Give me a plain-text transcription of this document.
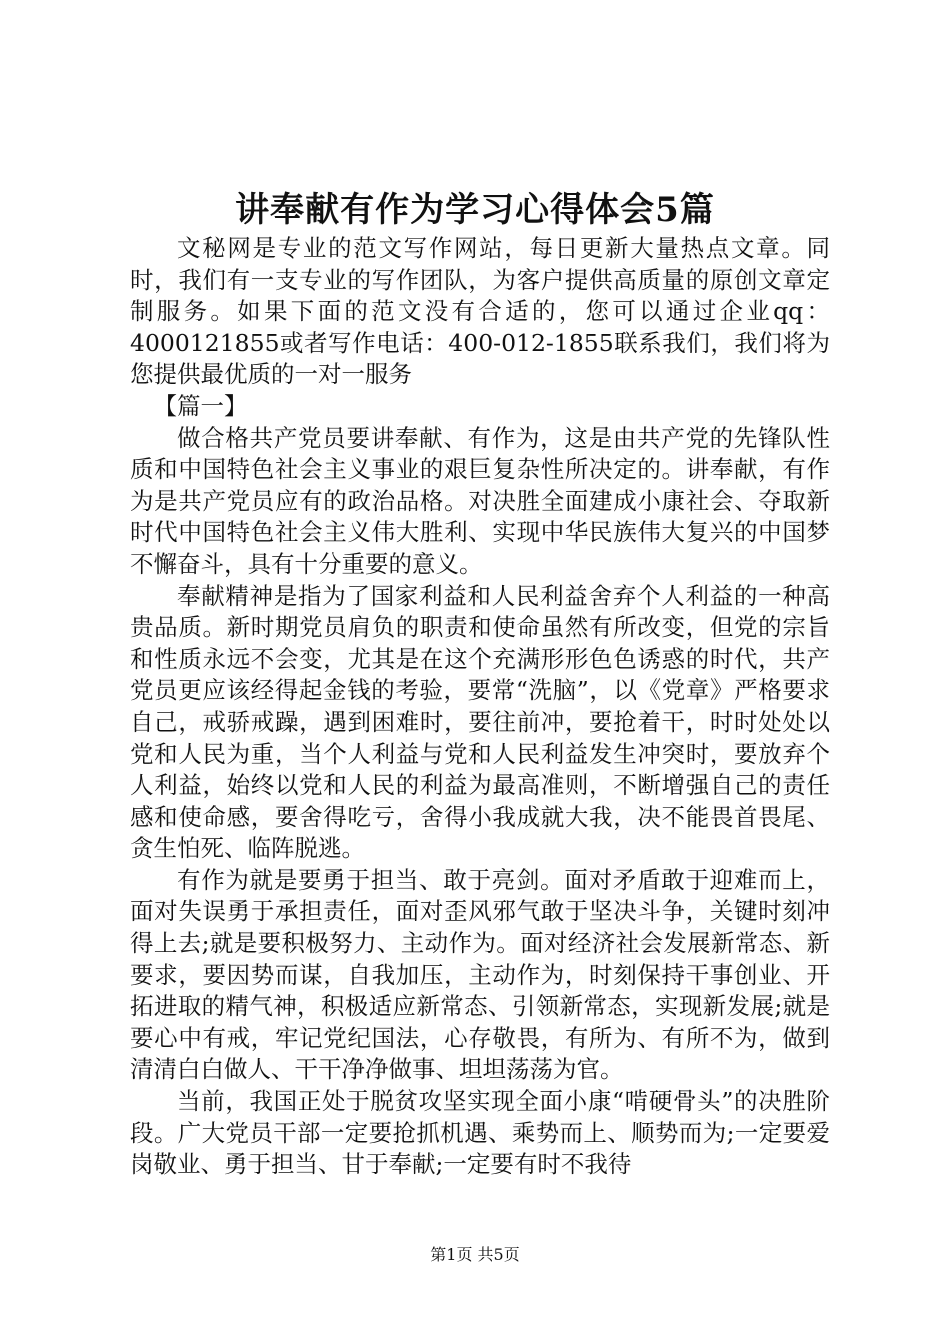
讲奉献有作为学习心得体会5篇

文秘网是专业的范文写作网站，每日更新大量热点文章。同时，我们有一支专业的写作团队，为客户提供高质量的原创文章定制服务。如果下面的范文没有合适的，您可以通过企业qq：4000121855或者写作电话：400-012-1855联系我们，我们将为您提供最优质的一对一服务

【篇一】

做合格共产党员要讲奉献、有作为，这是由共产党的先锋队性质和中国特色社会主义事业的艰巨复杂性所决定的。讲奉献，有作为是共产党员应有的政治品格。对决胜全面建成小康社会、夺取新时代中国特色社会主义伟大胜利、实现中华民族伟大复兴的中国梦不懈奋斗，具有十分重要的意义。

奉献精神是指为了国家利益和人民利益舍弃个人利益的一种高贵品质。新时期党员肩负的职责和使命虽然有所改变，但党的宗旨和性质永远不会变，尤其是在这个充满形形色色诱惑的时代，共产党员更应该经得起金钱的考验，要常“洗脑”，以《党章》严格要求自己，戒骄戒躁，遇到困难时，要往前冲，要抢着干，时时处处以党和人民为重，当个人利益与党和人民利益发生冲突时，要放弃个人利益，始终以党和人民的利益为最高准则，不断增强自己的责任感和使命感，要舍得吃亏，舍得小我成就大我，决不能畏首畏尾、贪生怕死、临阵脱逃。

有作为就是要勇于担当、敢于亮剑。面对矛盾敢于迎难而上，面对失误勇于承担责任，面对歪风邪气敢于坚决斗争，关键时刻冲得上去;就是要积极努力、主动作为。面对经济社会发展新常态、新要求，要因势而谋，自我加压，主动作为，时刻保持干事创业、开拓进取的精气神，积极适应新常态、引领新常态，实现新发展;就是要心中有戒，牢记党纪国法，心存敬畏，有所为、有所不为，做到清清白白做人、干干净净做事、坦坦荡荡为官。

当前，我国正处于脱贫攻坚实现全面小康“啃硬骨头”的决胜阶段。广大党员干部一定要抢抓机遇、乘势而上、顺势而为;一定要爱岗敬业、勇于担当、甘于奉献;一定要有时不我待

第1页 共5页
